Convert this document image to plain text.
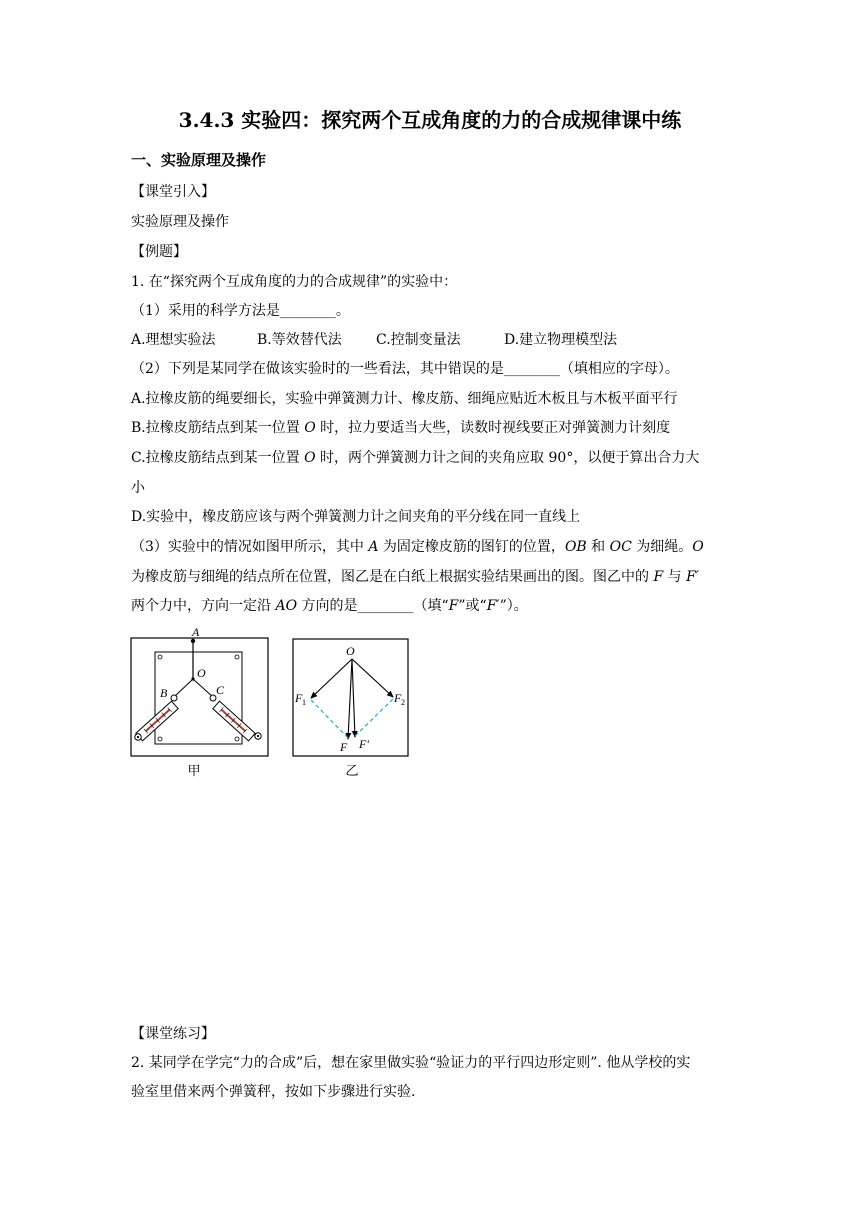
3.4.3 实验四：探究两个互成角度的力的合成规律课中练
一、实验原理及操作
【课堂引入】
实验原理及操作
【例题】
1. 在“探究两个互成角度的力的合成规律”的实验中：
（1）采用的科学方法是________。
A.理想实验法	B.等效替代法 C.控制变量法	D.建立物理模型法
（2）下列是某同学在做该实验时的一些看法，其中错误的是________（填相应的字母）。
A.拉橡皮筋的绳要细长，实验中弹簧测力计、橡皮筋、细绳应贴近木板且与木板平面平行
B.拉橡皮筋结点到某一位置 O 时，拉力要适当大些，读数时视线要正对弹簧测力计刻度
C.拉橡皮筋结点到某一位置 O 时，两个弹簧测力计之间的夹角应取 90°，以便于算出合力大
小
D.实验中，橡皮筋应该与两个弹簧测力计之间夹角的平分线在同一直线上
（3）实验中的情况如图甲所示，其中 A 为固定橡皮筋的图钉的位置，OB 和 OC 为细绳。O
为橡皮筋与细绳的结点所在位置，图乙是在白纸上根据实验结果画出的图。图乙中的 F 与 F′
两个力中，方向一定沿 AO 方向的是________（填“F”或“F′”）。
A
O
B	C
甲
O
F 1	F 2
F F′
乙
【课堂练习】
2. 某同学在学完“力的合成”后，想在家里做实验“验证力的平行四边形定则”. 他从学校的实
验室里借来两个弹簧秤，按如下步骤进行实验.
